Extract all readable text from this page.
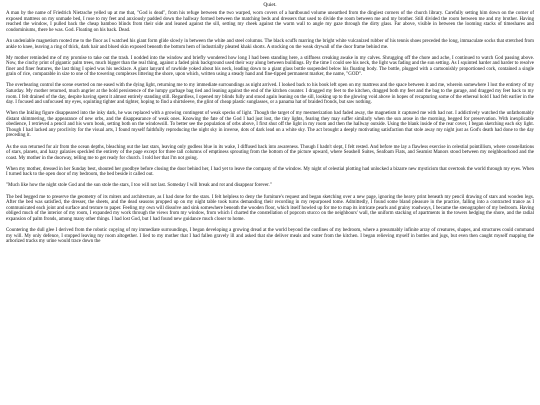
Quiet.

A man by the name of Friedrich Nietzsche yelled up at me that, "God is dead", from his refuge between the two warped, worn covers of a hardbound volume unearthed from the dingiest corners of the church library. Carefully setting him down on the corner of exposed mattress on my unmade bed, I rose to my feet and anxiously padded down the hallway formed between the matching beds and dressers that used to divide the room between me and my brother. Still divided the room between me and my brother. Having reached the window, I pulled back the cheap bamboo blinds from their side and leaned against the sill, setting my cheek against the warm wall to angle my gaze through the dirty glass. Far above, visible in between the looming stacks of timeshares and condominiums, there he was. God. Floating on his back. Dead.

An undeniable magnetism rooted me to the floor as I watched his giant form glide slowly in between the white and steel columns. The black scuffs marring the bright white vulcanized rubber of his tennis shoes preceded the long, immaculate socks that stretched from ankle to knee, leaving a ring of thick, dark hair and blued skin exposed beneath the bottom hem of industrially pleated khaki shorts. A stocking on the weak drywall of the door frame behind me.

My mother reminded me of my promise to take out the trash. I nodded into the window and briefly wondered how long I had been standing here, a stiffness creaking awake in my calves. Shrugging off the chore and ache, I continued to watch God passing above. Now, the cinchy print of gigantic palm trees, much bigger than the real thing, against a faded pink background used their way along between buildings. By the time I could see his neck, the light was fading and the sun setting. As I squinted harder and harder to resolve finer and finer features, the last thing I spied was his necklace. A giant lanyard of rawhide yoked about his neck, leading down to a giant glass bottle suspended below his floating body. The bottle, plugged with a cartoonishly proportioned cork, contained a single grain of rice, comparable in size to one of the towering complexes littering the shore, upon which, written using a steady hand and fine-tipped permanent marker, the name, "GOD".

The overbearing control the scene exerted on me eased with the dying light, returning me to my immediate surroundings as night arrived. I looked back to his book left open on my mattress and the space between it and me, wherein somewhere I lost the entirety of my Saturday. My mother returned, much angrier at the bold persistence of the lumpy garbage bag tied and leaning against the end of the kitchen counter. I dragged my feet to the kitchen, dragged both my feet and the bag to the garage, and dragged my feet back to my room. I felt drained of the day, despite having spent it almost entirely standing still. Regardless, I opened my blinds fully and stood again leaning on the sill, looking up to the glowing void above in hopes of recapturing some of the ethereal hold I had felt earlier in the day. I focused and unfocused my eyes, squinting tighter and tighter, hoping to find a shirtsleeve, the glint of cheap plastic sunglasses, or a panama hat of braided fronds, but saw nothing.

When the Inkling figure disappeared into the inky dark, he was replaced with a growing contingent of weak specks of light. Though the target of my mesmerization had faded away, the magnetism it captured me with had not. I addictively watched the unfathomably distant shimmering, the appearance of new orbs, and the disappearance of weak ones. Knowing the fate of the God I had just lost, the tiny lights, fearing they may suffer similarly when the sun arose in the morning, begged for preservation. With inexplicable obedience, I retrieved a pencil and his worn book, setting both on the windowsill. To better see the population of orbs above, I first shut off the light in my room and then the hallway outside. Using the blank inside of the rear cover, I began sketching each sky light. Though I had lacked any proclivity for the visual arts, I found myself faithfully reproducing the night sky in inverse, dots of dark lead on a white sky. The act brought a deeply motivating satisfaction that stole away my night just as God's death had done to the day preceding it.

As the sun returned for air from the ocean depths, bleaching out the last stars, leaving only godless blue in its wake, I diffused back into awareness. Though I hadn't slept, I felt rested. And before me lay a flawless exercise in celestial pointillism, where constellations of stars, planets, and hazy galaxies speckled the entirety of the page except for three tall columns of emptiness sprouting from the bottom of the picture upward, where Seashell Suites, Seafoam Flats, and Seamist Manors stood between my neighbourhood and the coast. My mother in the doorway, telling me to get ready for church. I told her that I'm not going.

When my mother, dressed in her Sunday best, shouted her goodbye before closing the door behind her, I had yet to leave the company of the window. My night of celestial plotting had unlocked a bizarre new mysticism that overtook the world through my eyes. When I turned back to the open door of my bedroom, the bed beside it called out.

"Much like how the night stole God and the sun stole the stars, I too will not last. Someday I will break and rot and disappear forever."

The bed begged me to preserve the geometry of its miters and architecture, as I had done for the stars. I felt helpless to deny the furniture's request and began sketching over a new page, ignoring the heavy print beneath my pencil drawing of stars and wooden legs. After the bed was satisfied, the dresser, the sheets, and the dead seasons propped up on my night table took turns demanding their recording in my repurposed tome. Admittedly, I found some bland pleasure in the practice, falling into a contracted trance as I communicated each joint and surface and texture to paper. Feeling my own will dissolve and sink somewhere beneath the wooden floor, which itself howled up for me to map its intricate pearls and grainy roadways, I became the stenographer of my bedroom. Having obliged much of the interior of my room, I expanded my work through the views from my window, from which I charted the constellation of popcorn stucco on the neighbours' wall, the uniform stacking of apartments in the towers hedging the shore, and the radial expansion of palm fronds, among many other things. I had lost God, but I had found new guidance much closer to home.

Countering the dull glee I derived from the robotic copying of my immediate surroundings, I began developing a growing dread at the world beyond the confines of my bedroom, where a presumably infinite array of creatures, shapes, and structures could command my will. My only defence, I stopped leaving my room altogether. I lied to my mother that I had fallen gravely ill and asked that she deliver meals and water from the kitchen. I began relieving myself in bottles and jugs, but even then caught myself mapping the arborized tracks my urine would trace down the
